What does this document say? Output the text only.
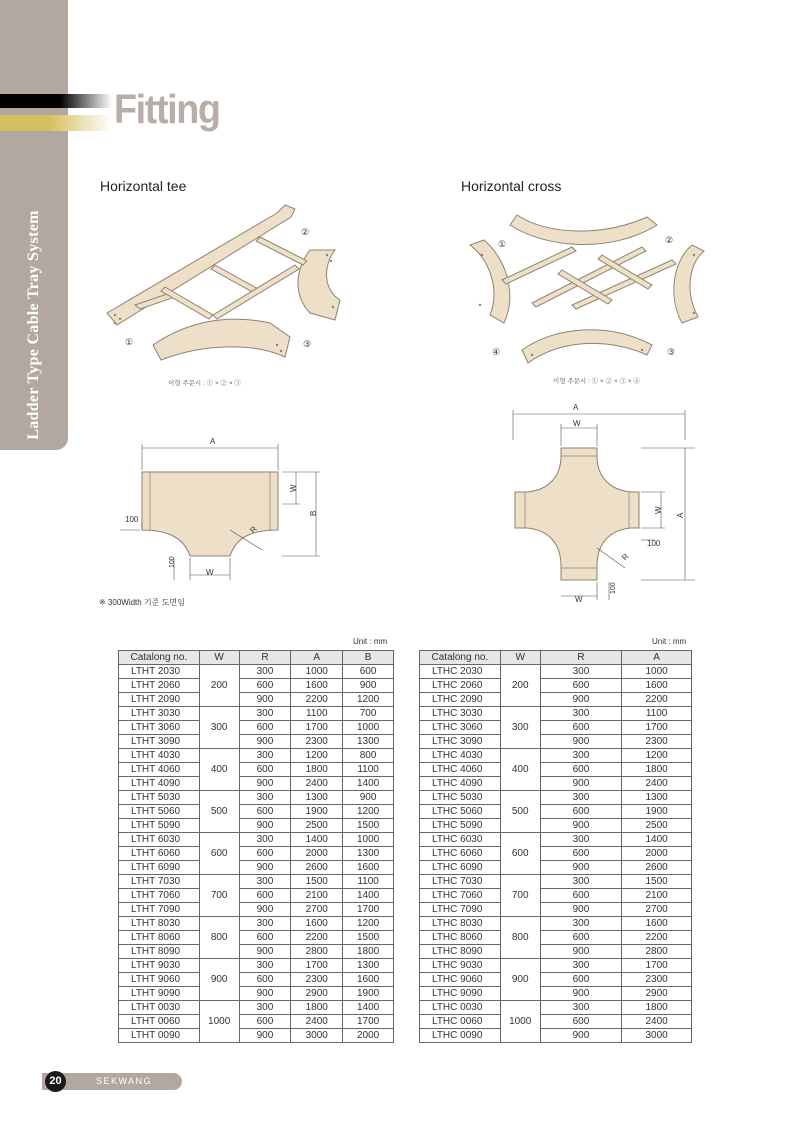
Ladder Type Cable Tray System
Fitting
Horizontal tee	Horizontal cross
①
②
③
이형 주문시 : ① × ② × ③
①	②
③
④
이형 주문시 : ① × ② × ③ × ④
A
W
B
R
100
100
W
※ 300Width 기준 도면임
A
W
A
W
R
100
100
W
Unit : mm
Catalong no.	W	R	A	B
LTHT 2030	200	300	1000	600
LTHT 2060		600	1600	900
LTHT 2090		900	2200	1200
LTHT 3030	300	300	1100	700
LTHT 3060		600	1700	1000
LTHT 3090		900	2300	1300
LTHT 4030	400	300	1200	800
LTHT 4060		600	1800	1100
LTHT 4090		900	2400	1400
LTHT 5030	500	300	1300	900
LTHT 5060		600	1900	1200
LTHT 5090		900	2500	1500
LTHT 6030	600	300	1400	1000
LTHT 6060		600	2000	1300
LTHT 6090		900	2600	1600
LTHT 7030	700	300	1500	1100
LTHT 7060		600	2100	1400
LTHT 7090		900	2700	1700
LTHT 8030	800	300	1600	1200
LTHT 8060		600	2200	1500
LTHT 8090		900	2800	1800
LTHT 9030	900	300	1700	1300
LTHT 9060		600	2300	1600
LTHT 9090		900	2900	1900
LTHT 0030	1000	300	1800	1400
LTHT 0060		600	2400	1700
LTHT 0090		900	3000	2000
Unit : mm
Catalong no.	W	R	A
LTHC 2030	200	300	1000
LTHC 2060		600	1600
LTHC 2090		900	2200
LTHC 3030	300	300	1100
LTHC 3060		600	1700
LTHC 3090		900	2300
LTHC 4030	400	300	1200
LTHC 4060		600	1800
LTHC 4090		900	2400
LTHC 5030	500	300	1300
LTHC 5060		600	1900
LTHC 5090		900	2500
LTHC 6030	600	300	1400
LTHC 6060		600	2000
LTHC 6090		900	2600
LTHC 7030	700	300	1500
LTHC 7060		600	2100
LTHC 7090		900	2700
LTHC 8030	800	300	1600
LTHC 8060		600	2200
LTHC 8090		900	2800
LTHC 9030	900	300	1700
LTHC 9060		600	2300
LTHC 9090		900	2900
LTHC 0030	1000	300	1800
LTHC 0060		600	2400
LTHC 0090		900	3000
20	SEKWANG
